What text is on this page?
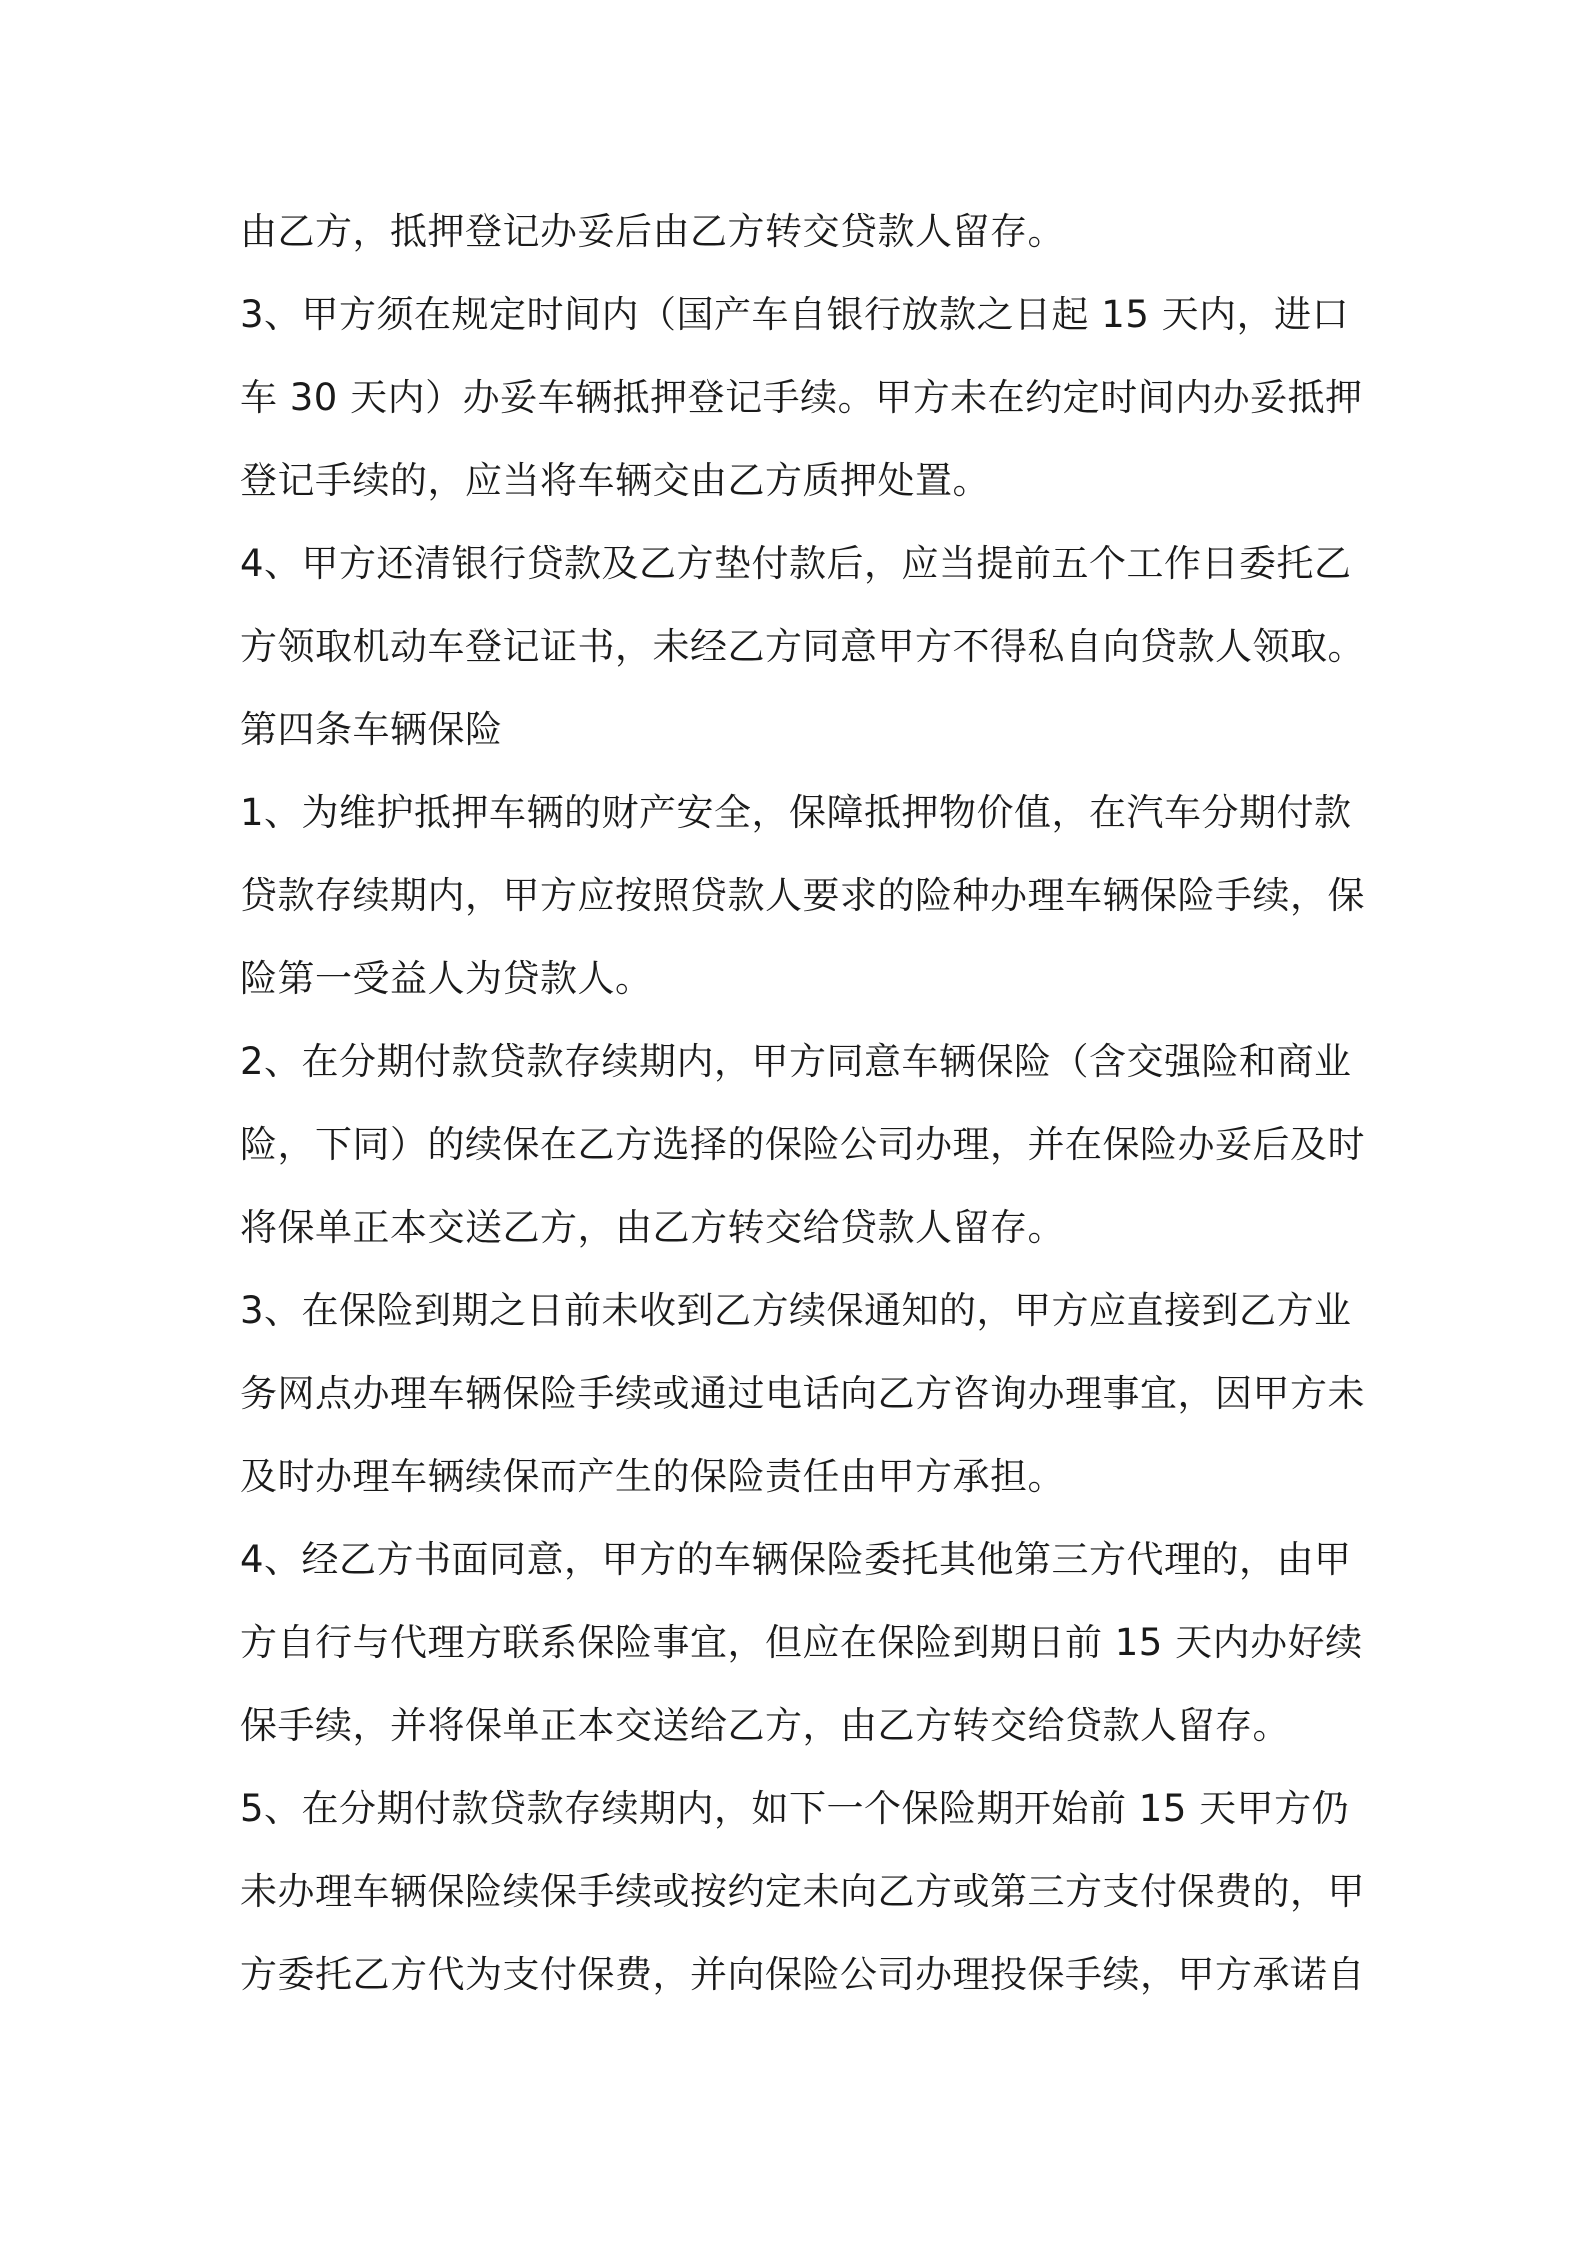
由乙方，抵押登记办妥后由乙方转交贷款人留存。
3、甲方须在规定时间内（国产车自银行放款之日起 15 天内，进口
车 30 天内）办妥车辆抵押登记手续。甲方未在约定时间内办妥抵押
登记手续的，应当将车辆交由乙方质押处置。
4、甲方还清银行贷款及乙方垫付款后，应当提前五个工作日委托乙
方领取机动车登记证书，未经乙方同意甲方不得私自向贷款人领取。
第四条车辆保险
1、为维护抵押车辆的财产安全，保障抵押物价值，在汽车分期付款
贷款存续期内，甲方应按照贷款人要求的险种办理车辆保险手续，保
险第一受益人为贷款人。
2、在分期付款贷款存续期内，甲方同意车辆保险（含交强险和商业
险，下同）的续保在乙方选择的保险公司办理，并在保险办妥后及时
将保单正本交送乙方，由乙方转交给贷款人留存。
3、在保险到期之日前未收到乙方续保通知的，甲方应直接到乙方业
务网点办理车辆保险手续或通过电话向乙方咨询办理事宜，因甲方未
及时办理车辆续保而产生的保险责任由甲方承担。
4、经乙方书面同意，甲方的车辆保险委托其他第三方代理的，由甲
方自行与代理方联系保险事宜，但应在保险到期日前 15 天内办好续
保手续，并将保单正本交送给乙方，由乙方转交给贷款人留存。
5、在分期付款贷款存续期内，如下一个保险期开始前 15 天甲方仍
未办理车辆保险续保手续或按约定未向乙方或第三方支付保费的，甲
方委托乙方代为支付保费，并向保险公司办理投保手续，甲方承诺自
